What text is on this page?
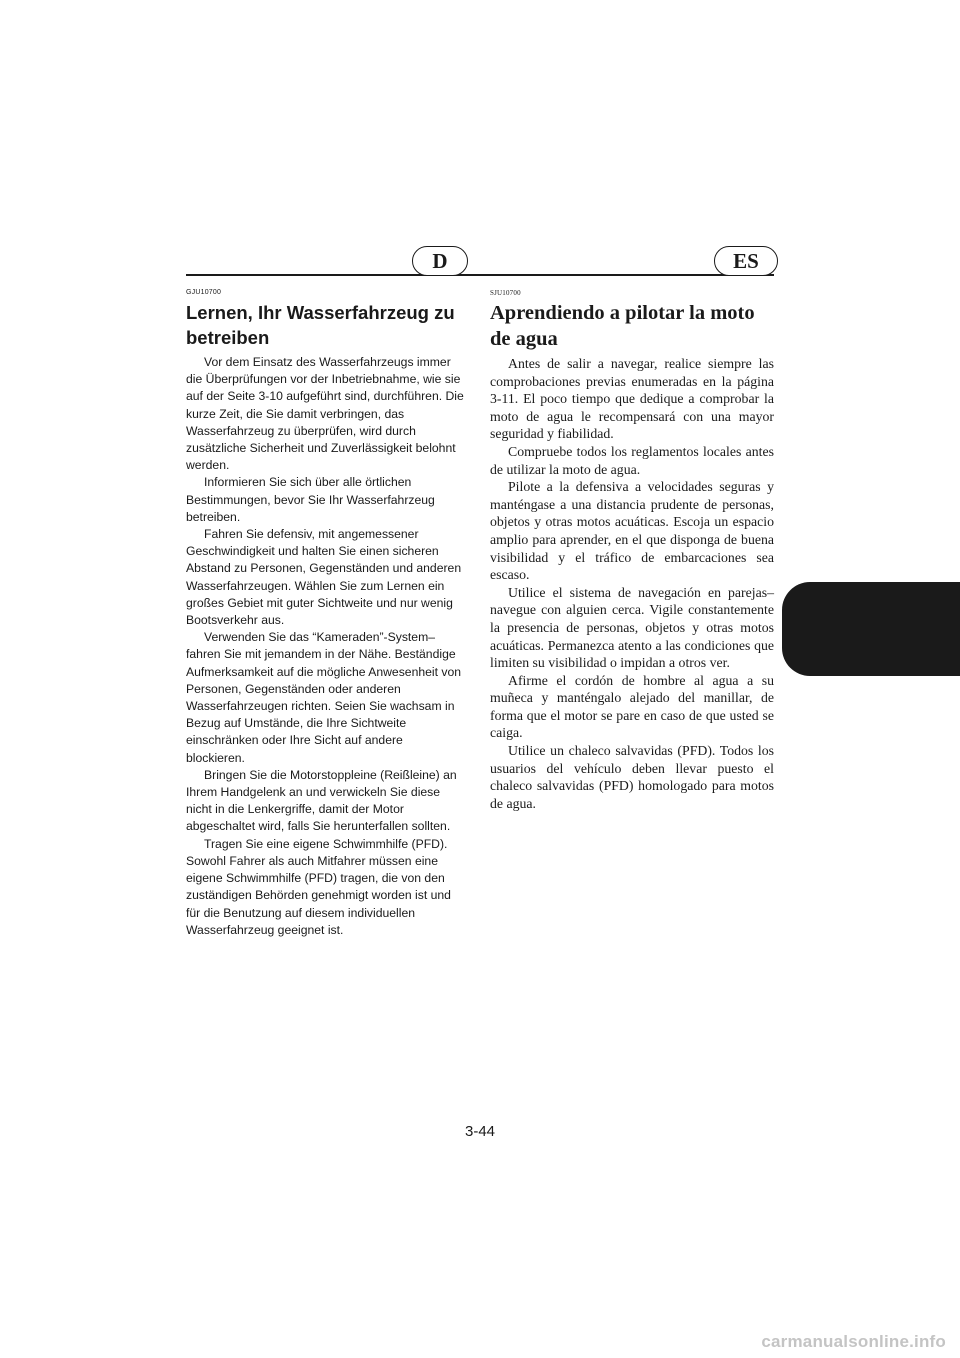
D	ES
GJU10700
Lernen, Ihr Wasserfahrzeug zu betreiben

Vor dem Einsatz des Wasserfahrzeugs immer die Überprüfungen vor der Inbetriebnahme, wie sie auf der Seite 3-10 aufgeführt sind, durchführen. Die kurze Zeit, die Sie damit verbringen, das Wasserfahrzeug zu überprüfen, wird durch zusätzliche Sicherheit und Zuverlässigkeit belohnt werden.

Informieren Sie sich über alle örtlichen Bestimmungen, bevor Sie Ihr Wasserfahrzeug betreiben.

Fahren Sie defensiv, mit angemessener Geschwindigkeit und halten Sie einen sicheren Abstand zu Personen, Gegenständen und anderen Wasserfahrzeugen. Wählen Sie zum Lernen ein großes Gebiet mit guter Sichtweite und nur wenig Bootsverkehr aus.

Verwenden Sie das “Kameraden”-System–fahren Sie mit jemandem in der Nähe. Beständige Aufmerksamkeit auf die mögliche Anwesenheit von Personen, Gegenständen oder anderen Wasserfahrzeugen richten. Seien Sie wachsam in Bezug auf Umstände, die Ihre Sichtweite einschränken oder Ihre Sicht auf andere blockieren.

Bringen Sie die Motorstoppleine (Reißleine) an Ihrem Handgelenk an und verwickeln Sie diese nicht in die Lenkergriffe, damit der Motor abgeschaltet wird, falls Sie herunterfallen sollten.

Tragen Sie eine eigene Schwimmhilfe (PFD). Sowohl Fahrer als auch Mitfahrer müssen eine eigene Schwimmhilfe (PFD) tragen, die von den zuständigen Behörden genehmigt worden ist und für die Benutzung auf diesem individuellen Wasserfahrzeug geeignet ist.

SJU10700
Aprendiendo a pilotar la moto de agua

Antes de salir a navegar, realice siempre las comprobaciones previas enumeradas en la página 3-11. El poco tiempo que dedique a comprobar la moto de agua le recompensará con una mayor seguridad y fiabilidad.

Compruebe todos los reglamentos locales antes de utilizar la moto de agua.

Pilote a la defensiva a velocidades seguras y manténgase a una distancia prudente de personas, objetos y otras motos acuáticas. Escoja un espacio amplio para aprender, en el que disponga de buena visibilidad y el tráfico de embarcaciones sea escaso.

Utilice el sistema de navegación en parejas– navegue con alguien cerca. Vigile constantemente la presencia de personas, objetos y otras motos acuáticas. Permanezca atento a las condiciones que limiten su visibilidad o impidan a otros ver.

Afirme el cordón de hombre al agua a su muñeca y manténgalo alejado del manillar, de forma que el motor se pare en caso de que usted se caiga.

Utilice un chaleco salvavidas (PFD). Todos los usuarios del vehículo deben llevar puesto el chaleco salvavidas (PFD) homologado para motos de agua.

3-44
carmanualsonline.info
